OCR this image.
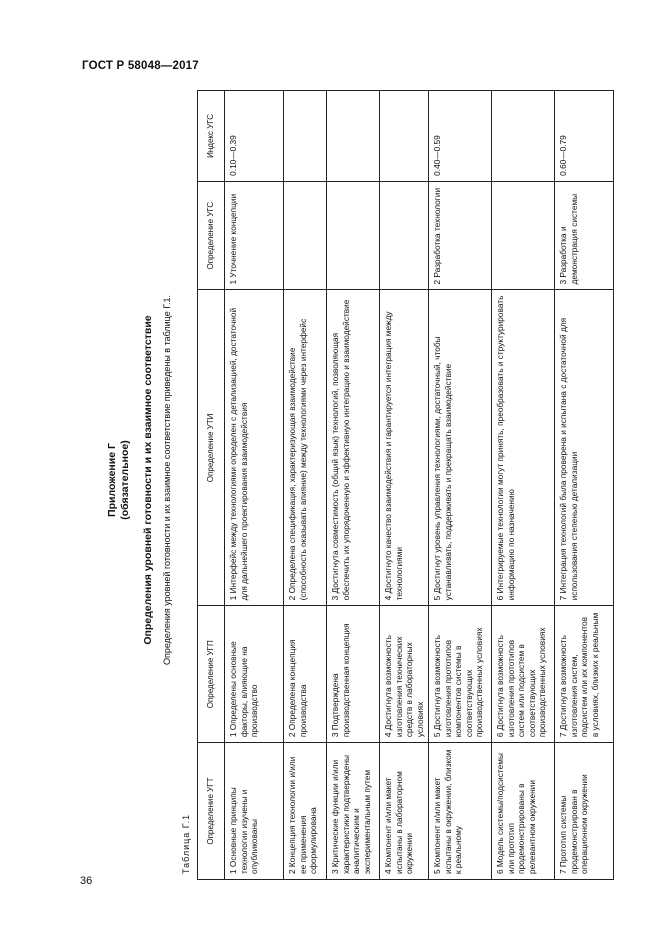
ГОСТ Р 58048—2017
Приложение Г (обязательное) Определения уровней готовности и их взаимное соответствие Определения уровней готовности и их взаимное соответствие приведены в таблице Г.1.
Таблица Г.1 Определение УГТ	Определение УГП	Определение УТИ	Определение УГС	Индекс УГС
1 Основные принципы технологии изучены и опубликованы	1 Определены основные факторы, влияющие на производство	1 Интерфейс между технологиями определен с детализацией, достаточной для дальнейшего проектирования взаимодействия	1 Уточнение концепции	0.10—0.39
2 Концепция технологии и/или ее применения сформулирована	2 Определена концепция производства	2 Определена спецификация, характеризующая взаимодействие (способность оказывать влияние) между технологиями через интерфейс		
3 Критические функции и/или характеристики подтверждены аналитическим и экспериментальным путем	3 Подтверждена производственная концепция	3 Достигнута совместимость (общий язык) технологий, позволяющая обеспечить их упорядоченную и эффективную интеграцию и взаимодействие		
4 Компонент и/или макет испытаны в лабораторном окружении	4 Достигнута возможность изготовления технических средств в лабораторных условиях	4 Достигнуто качество взаимодействия и гарантируется интеграция между технологиями		
5 Компонент и/или макет испытаны в окружении, близком к реальному	5 Достигнута возможность изготовления прототипов компонентов системы в соответствующих производственных условиях	5 Достигнут уровень управления технологиями, достаточный, чтобы устанавливать, поддерживать и прекращать взаимодействие	2 Разработка технологии	0.40—0.59
6 Модель системы/подсистемы или прототип продемонстрированы в релевантном окружении	6 Достигнута возможность изготовления прототипов систем или подсистем в соответствующих производственных условиях	6 Интегрируемые технологии могут принять, преобразовать и структурировать информацию по назначению		
7 Прототип системы продемонстрирован в операционном окружении	7 Достигнута возможность изготовления систем, подсистем или их компонентов в условиях, близких к реальным	7 Интеграция технологий была проверена и испытана с достаточной для использования степенью детализации	3 Разработка и демонстрация системы	0.60—0.79
36
